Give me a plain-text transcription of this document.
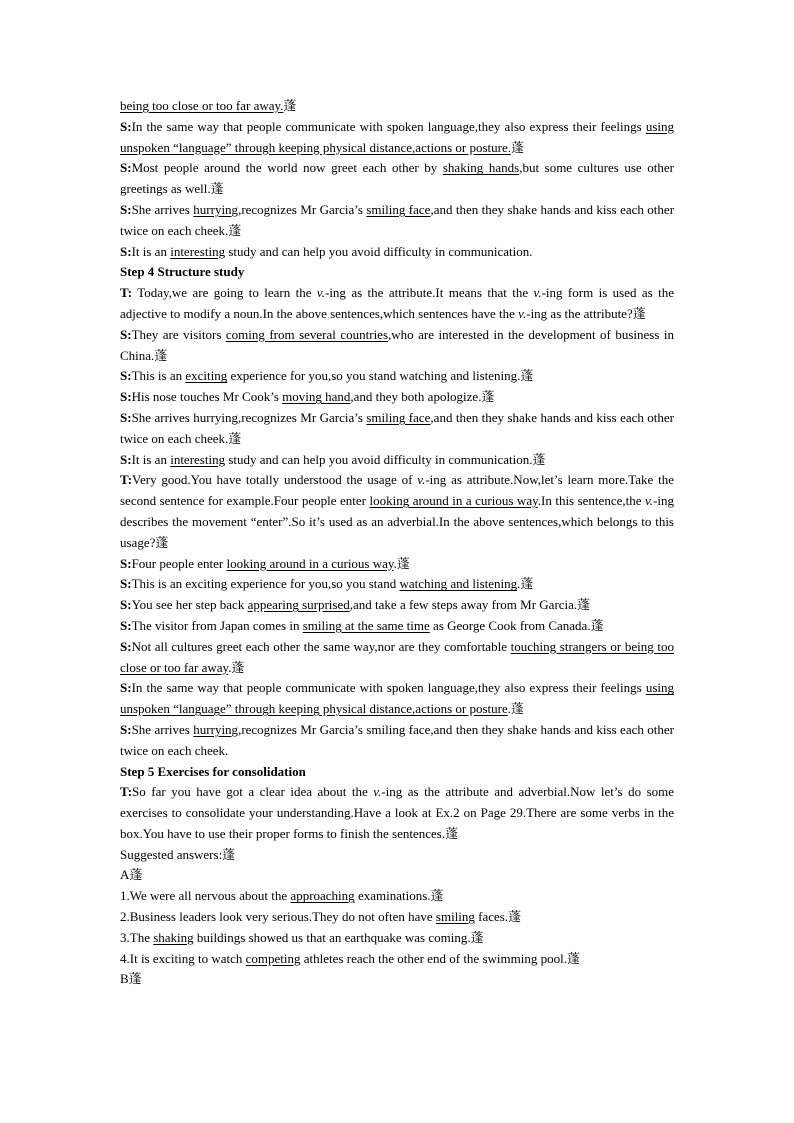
being too close or too far away.蓬

S:In the same way that people communicate with spoken language,they also express their feelings using unspoken “language” through keeping physical distance,actions or posture.蓬

S:Most people around the world now greet each other by shaking hands,but some cultures use other greetings as well.蓬

S:She arrives hurrying,recognizes Mr Garcia’s smiling face,and then they shake hands and kiss each other twice on each cheek.蓬

S:It is an interesting study and can help you avoid difficulty in communication.

Step 4 Structure study

T: Today,we are going to learn the v.-ing as the attribute.It means that the v.-ing form is used as the adjective to modify a noun.In the above sentences,which sentences have the v.-ing as the attribute?蓬

S:They are visitors coming from several countries,who are interested in the development of business in China.蓬

S:This is an exciting experience for you,so you stand watching and listening.蓬

S:His nose touches Mr Cook’s moving hand,and they both apologize.蓬

S:She arrives hurrying,recognizes Mr Garcia’s smiling face,and then they shake hands and kiss each other twice on each cheek.蓬

S:It is an interesting study and can help you avoid difficulty in communication.蓬

T:Very good.You have totally understood the usage of v.-ing as attribute.Now,let’s learn more.Take the second sentence for example.Four people enter looking around in a curious way.In this sentence,the v.-ing describes the movement “enter”.So it’s used as an adverbial.In the above sentences,which belongs to this usage?蓬

S:Four people enter looking around in a curious way.蓬

S:This is an exciting experience for you,so you stand watching and listening.蓬

S:You see her step back appearing surprised,and take a few steps away from Mr Garcia.蓬

S:The visitor from Japan comes in smiling at the same time as George Cook from Canada.蓬

S:Not all cultures greet each other the same way,nor are they comfortable touching strangers or being too close or too far away.蓬

S:In the same way that people communicate with spoken language,they also express their feelings using unspoken “language” through keeping physical distance,actions or posture.蓬

S:She arrives hurrying,recognizes Mr Garcia’s smiling face,and then they shake hands and kiss each other twice on each cheek.

Step 5 Exercises for consolidation

T:So far you have got a clear idea about the v.-ing as the attribute and adverbial.Now let’s do some exercises to consolidate your understanding.Have a look at Ex.2 on Page 29.There are some verbs in the box.You have to use their proper forms to finish the sentences.蓬

Suggested answers:蓬

A蓬

1.We were all nervous about the approaching examinations.蓬

2.Business leaders look very serious.They do not often have smiling faces.蓬

3.The shaking buildings showed us that an earthquake was coming.蓬

4.It is exciting to watch competing athletes reach the other end of the swimming pool.蓬

B蓬
